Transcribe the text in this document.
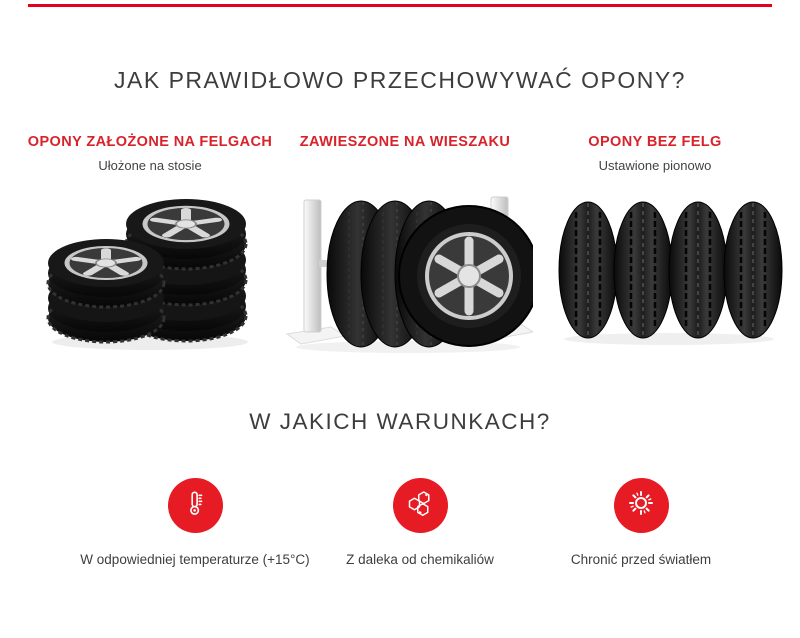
JAK PRAWIDŁOWO PRZECHOWYWAĆ OPONY?
OPONY ZAŁOŻONE NA FELGACH
Ułożone na stosie
ZAWIESZONE NA WIESZAKU	OPONY BEZ FELG
Ustawione pionowo
W JAKICH WARUNKACH?
W odpowiedniej temperaturze (+15°C)	Z daleka od chemikaliów	Chronić przed światłem
